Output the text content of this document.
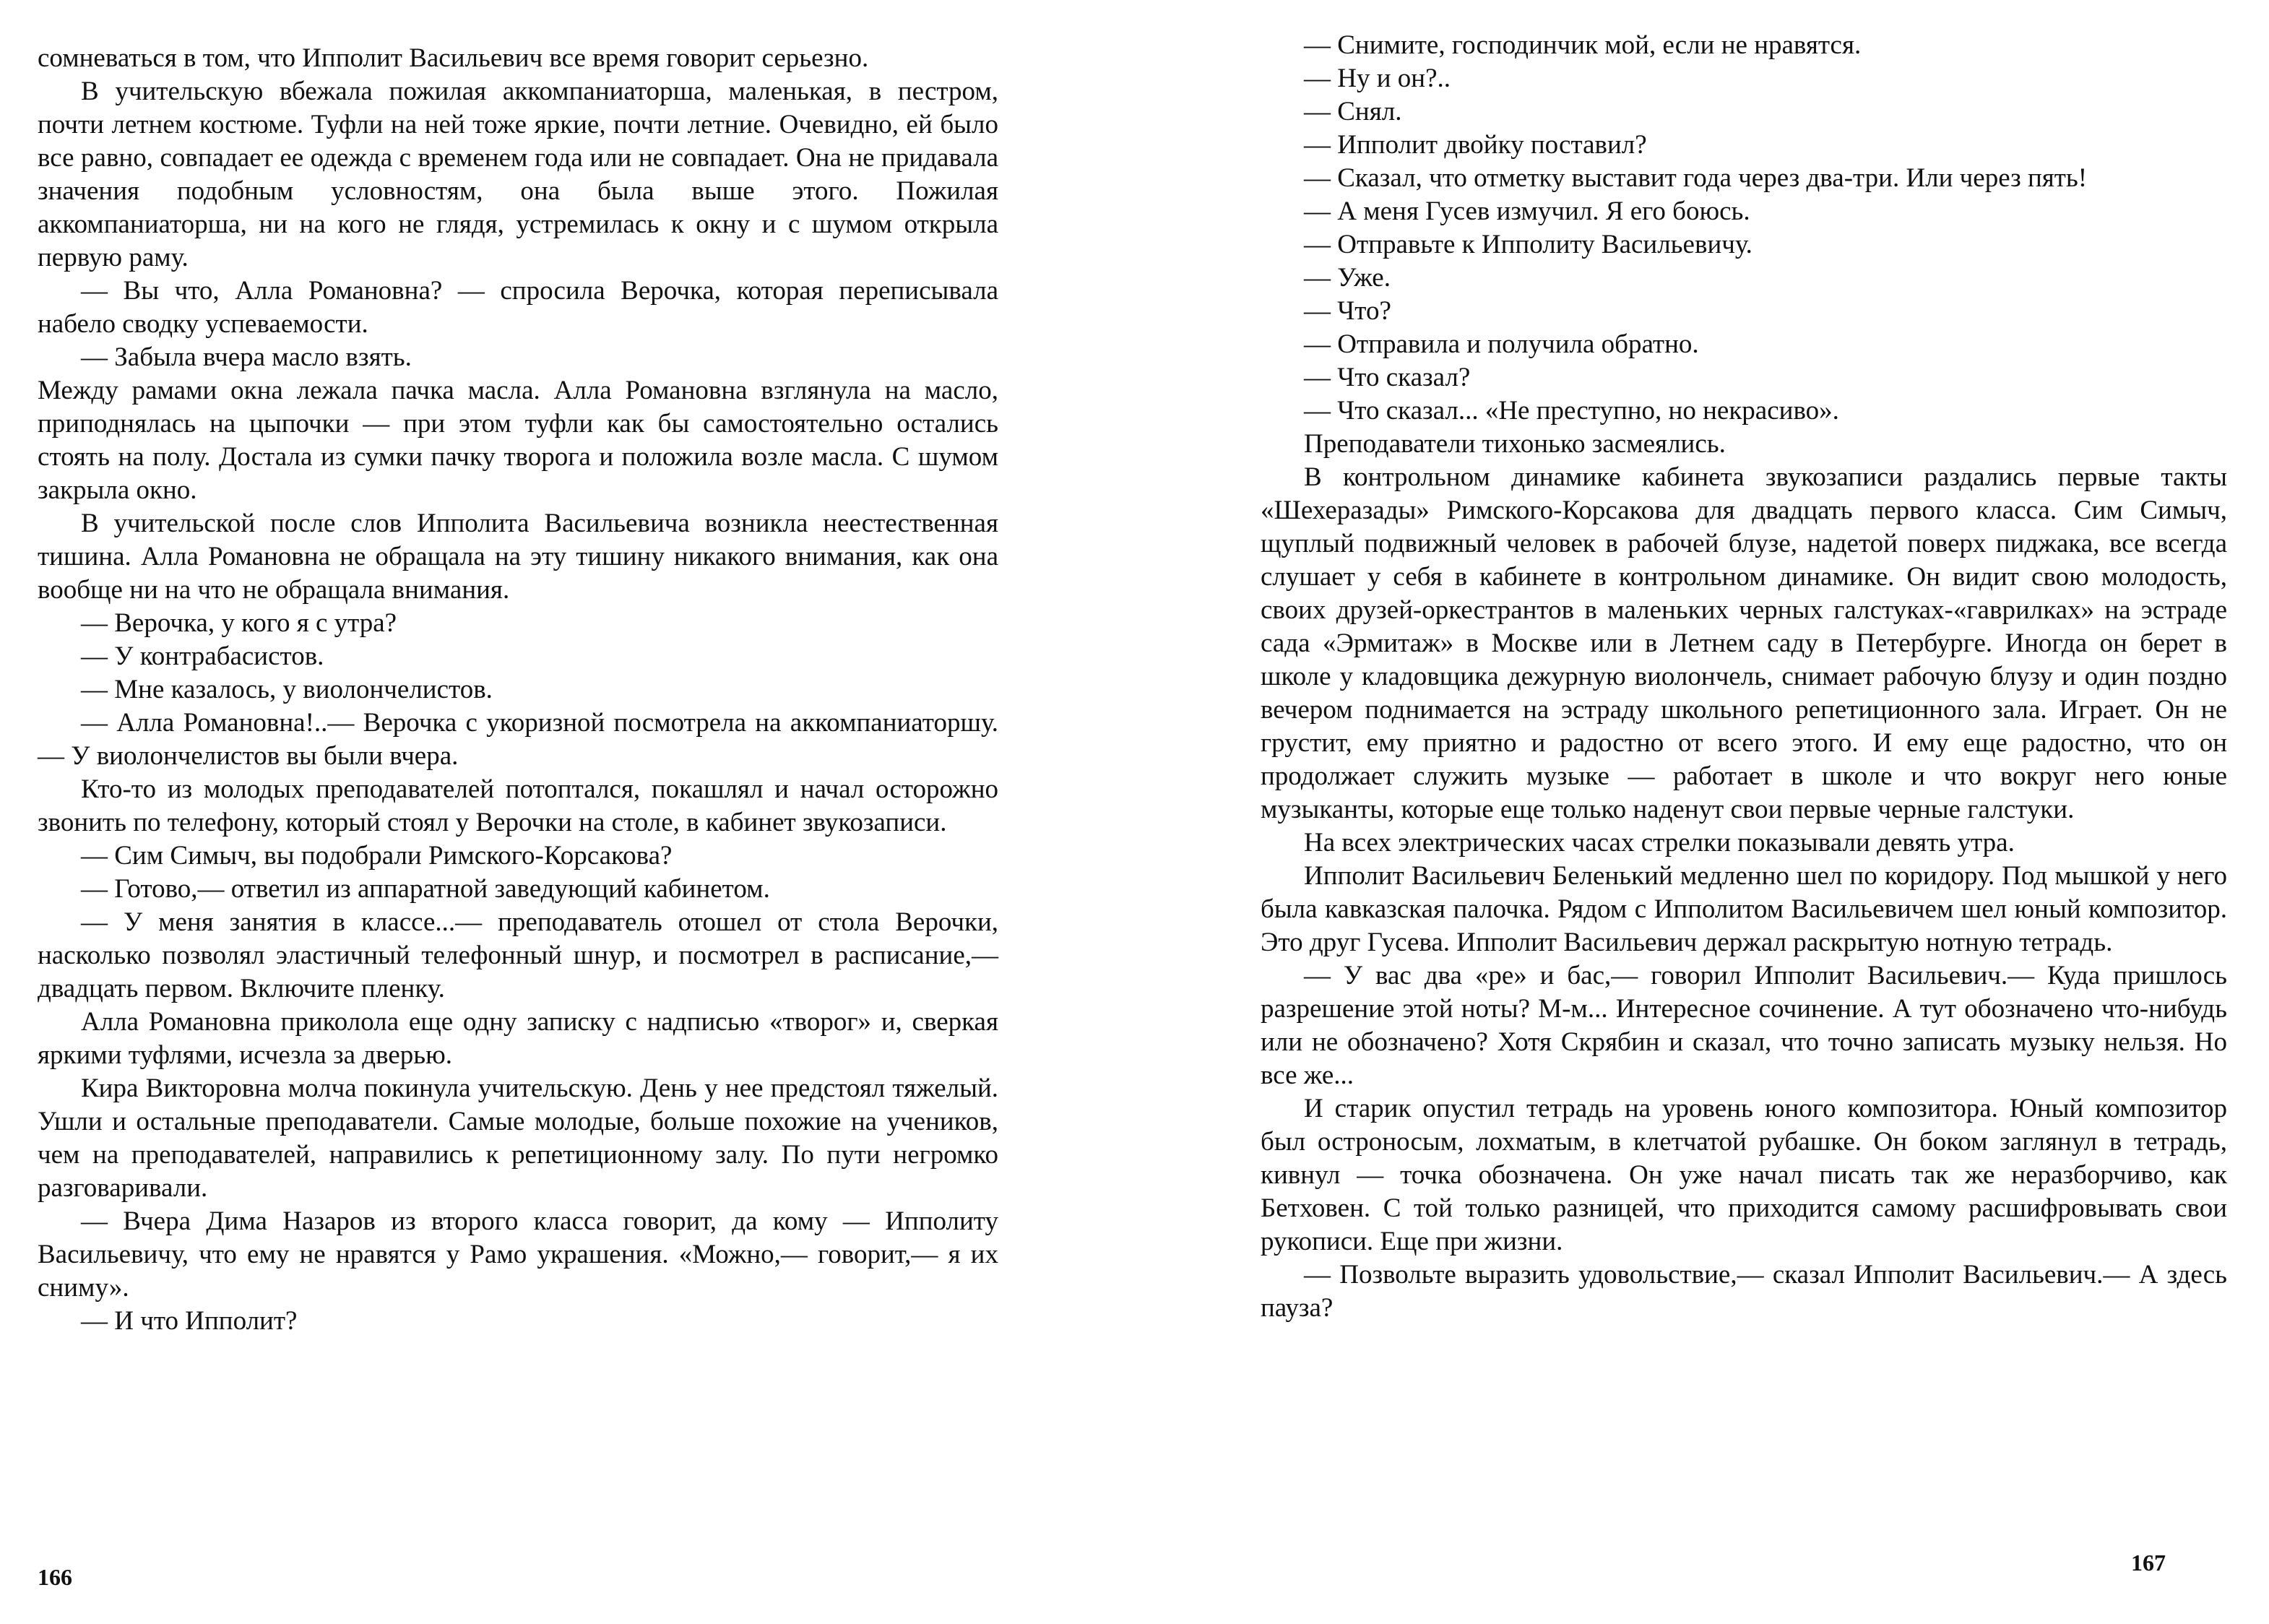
сомневаться в том, что Ипполит Васильевич все время говорит серьезно.

В учительскую вбежала пожилая аккомпаниаторша, маленькая, в пестром, почти летнем костюме. Туфли на ней тоже яркие, почти летние. Очевидно, ей было все равно, совпадает ее одежда с временем года или не совпадает. Она не придавала значения подобным условностям, она была выше этого. Пожилая аккомпаниаторша, ни на кого не глядя, устремилась к окну и с шумом открыла первую раму.

— Вы что, Алла Романовна? — спросила Верочка, которая переписывала набело сводку успеваемости.

— Забыла вчера масло взять.

Между рамами окна лежала пачка масла. Алла Романовна взглянула на масло, приподнялась на цыпочки — при этом туфли как бы самостоятельно остались стоять на полу. Достала из сумки пачку творога и положила возле масла. С шумом закрыла окно.

В учительской после слов Ипполита Васильевича возникла неестественная тишина. Алла Романовна не обращала на эту тишину никакого внимания, как она вообще ни на что не обращала внимания.

— Верочка, у кого я с утра?

— У контрабасистов.

— Мне казалось, у виолончелистов.

— Алла Романовна!..— Верочка с укоризной посмотрела на аккомпаниаторшу.— У виолончелистов вы были вчера.

Кто-то из молодых преподавателей потоптался, покашлял и начал осторожно звонить по телефону, который стоял у Верочки на столе, в кабинет звукозаписи.

— Сим Симыч, вы подобрали Римского-Корсакова?

— Готово,— ответил из аппаратной заведующий кабинетом.

— У меня занятия в классе...— преподаватель отошел от стола Верочки, насколько позволял эластичный телефонный шнур, и посмотрел в расписание,— двадцать первом. Включите пленку.

Алла Романовна приколола еще одну записку с надписью «творог» и, сверкая яркими туфлями, исчезла за дверью.

Кира Викторовна молча покинула учительскую. День у нее предстоял тяжелый. Ушли и остальные преподаватели. Самые молодые, больше похожие на учеников, чем на преподавателей, направились к репетиционному залу. По пути негромко разговаривали.

— Вчера Дима Назаров из второго класса говорит, да кому — Ипполиту Васильевичу, что ему не нравятся у Рамо украшения. «Можно,— говорит,— я их сниму».

— И что Ипполит?

166

— Снимите, господинчик мой, если не нравятся.

— Ну и он?..

— Снял.

— Ипполит двойку поставил?

— Сказал, что отметку выставит года через два-три. Или через пять!

— А меня Гусев измучил. Я его боюсь.

— Отправьте к Ипполиту Васильевичу.

— Уже.

— Что?

— Отправила и получила обратно.

— Что сказал?

— Что сказал... «Не преступно, но некрасиво».

Преподаватели тихонько засмеялись.

В контрольном динамике кабинета звукозаписи раздались первые такты «Шехеразады» Римского-Корсакова для двадцать первого класса. Сим Симыч, щуплый подвижный человек в рабочей блузе, надетой поверх пиджака, все всегда слушает у себя в кабинете в контрольном динамике. Он видит свою молодость, своих друзей-оркестрантов в маленьких черных галстуках-«гаврилках» на эстраде сада «Эрмитаж» в Москве или в Летнем саду в Петербурге. Иногда он берет в школе у кладовщика дежурную виолончель, снимает рабочую блузу и один поздно вечером поднимается на эстраду школьного репетиционного зала. Играет. Он не грустит, ему приятно и радостно от всего этого. И ему еще радостно, что он продолжает служить музыке — работает в школе и что вокруг него юные музыканты, которые еще только наденут свои первые черные галстуки.

На всех электрических часах стрелки показывали девять утра.

Ипполит Васильевич Беленький медленно шел по коридору. Под мышкой у него была кавказская палочка. Рядом с Ипполитом Васильевичем шел юный композитор. Это друг Гусева. Ипполит Васильевич держал раскрытую нотную тетрадь.

— У вас два «ре» и бас,— говорил Ипполит Васильевич.— Куда пришлось разрешение этой ноты? М-м... Интересное сочинение. А тут обозначено что-нибудь или не обозначено? Хотя Скрябин и сказал, что точно записать музыку нельзя. Но все же...

И старик опустил тетрадь на уровень юного композитора. Юный композитор был остроносым, лохматым, в клетчатой рубашке. Он боком заглянул в тетрадь, кивнул — точка обозначена. Он уже начал писать так же неразборчиво, как Бетховен. С той только разницей, что приходится самому расшифровывать свои рукописи. Еще при жизни.

— Позвольте выразить удовольствие,— сказал Ипполит Васильевич.— А здесь пауза?

167
